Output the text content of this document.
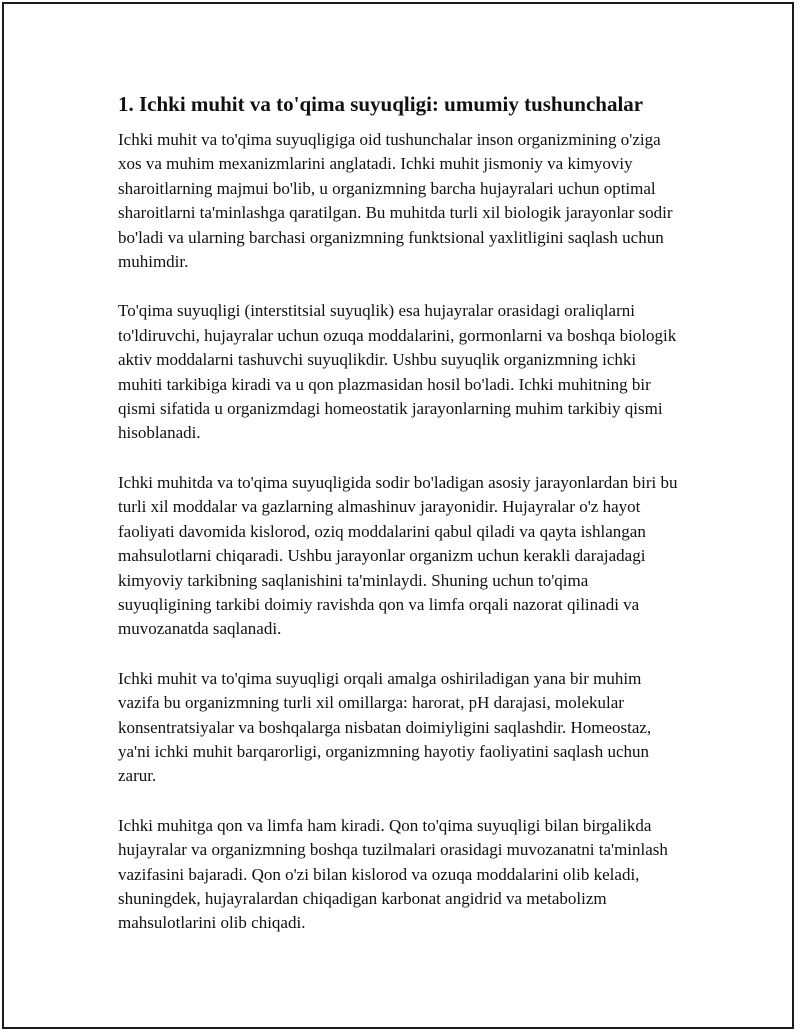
1. Ichki muhit va to'qima suyuqligi: umumiy tushunchalar

Ichki muhit va to'qima suyuqligiga oid tushunchalar inson organizmining o'ziga xos va muhim mexanizmlarini anglatadi. Ichki muhit jismoniy va kimyoviy sharoitlarning majmui bo'lib, u organizmning barcha hujayralari uchun optimal sharoitlarni ta'minlashga qaratilgan. Bu muhitda turli xil biologik jarayonlar sodir bo'ladi va ularning barchasi organizmning funktsional yaxlitligini saqlash uchun muhimdir.

To'qima suyuqligi (interstitsial suyuqlik) esa hujayralar orasidagi oraliqlarni to'ldiruvchi, hujayralar uchun ozuqa moddalarini, gormonlarni va boshqa biologik aktiv moddalarni tashuvchi suyuqlikdir. Ushbu suyuqlik organizmning ichki muhiti tarkibiga kiradi va u qon plazmasidan hosil bo'ladi. Ichki muhitning bir qismi sifatida u organizmdagi homeostatik jarayonlarning muhim tarkibiy qismi hisoblanadi.

Ichki muhitda va to'qima suyuqligida sodir bo'ladigan asosiy jarayonlardan biri bu turli xil moddalar va gazlarning almashinuv jarayonidir. Hujayralar o'z hayot faoliyati davomida kislorod, oziq moddalarini qabul qiladi va qayta ishlangan mahsulotlarni chiqaradi. Ushbu jarayonlar organizm uchun kerakli darajadagi kimyoviy tarkibning saqlanishini ta'minlaydi. Shuning uchun to'qima suyuqligining tarkibi doimiy ravishda qon va limfa orqali nazorat qilinadi va muvozanatda saqlanadi.

Ichki muhit va to'qima suyuqligi orqali amalga oshiriladigan yana bir muhim vazifa bu organizmning turli xil omillarga: harorat, pH darajasi, molekular konsentratsiyalar va boshqalarga nisbatan doimiyligini saqlashdir. Homeostaz, ya'ni ichki muhit barqarorligi, organizmning hayotiy faoliyatini saqlash uchun zarur.

Ichki muhitga qon va limfa ham kiradi. Qon to'qima suyuqligi bilan birgalikda hujayralar va organizmning boshqa tuzilmalari orasidagi muvozanatni ta'minlash vazifasini bajaradi. Qon o'zi bilan kislorod va ozuqa moddalarini olib keladi, shuningdek, hujayralardan chiqadigan karbonat angidrid va metabolizm mahsulotlarini olib chiqadi.
